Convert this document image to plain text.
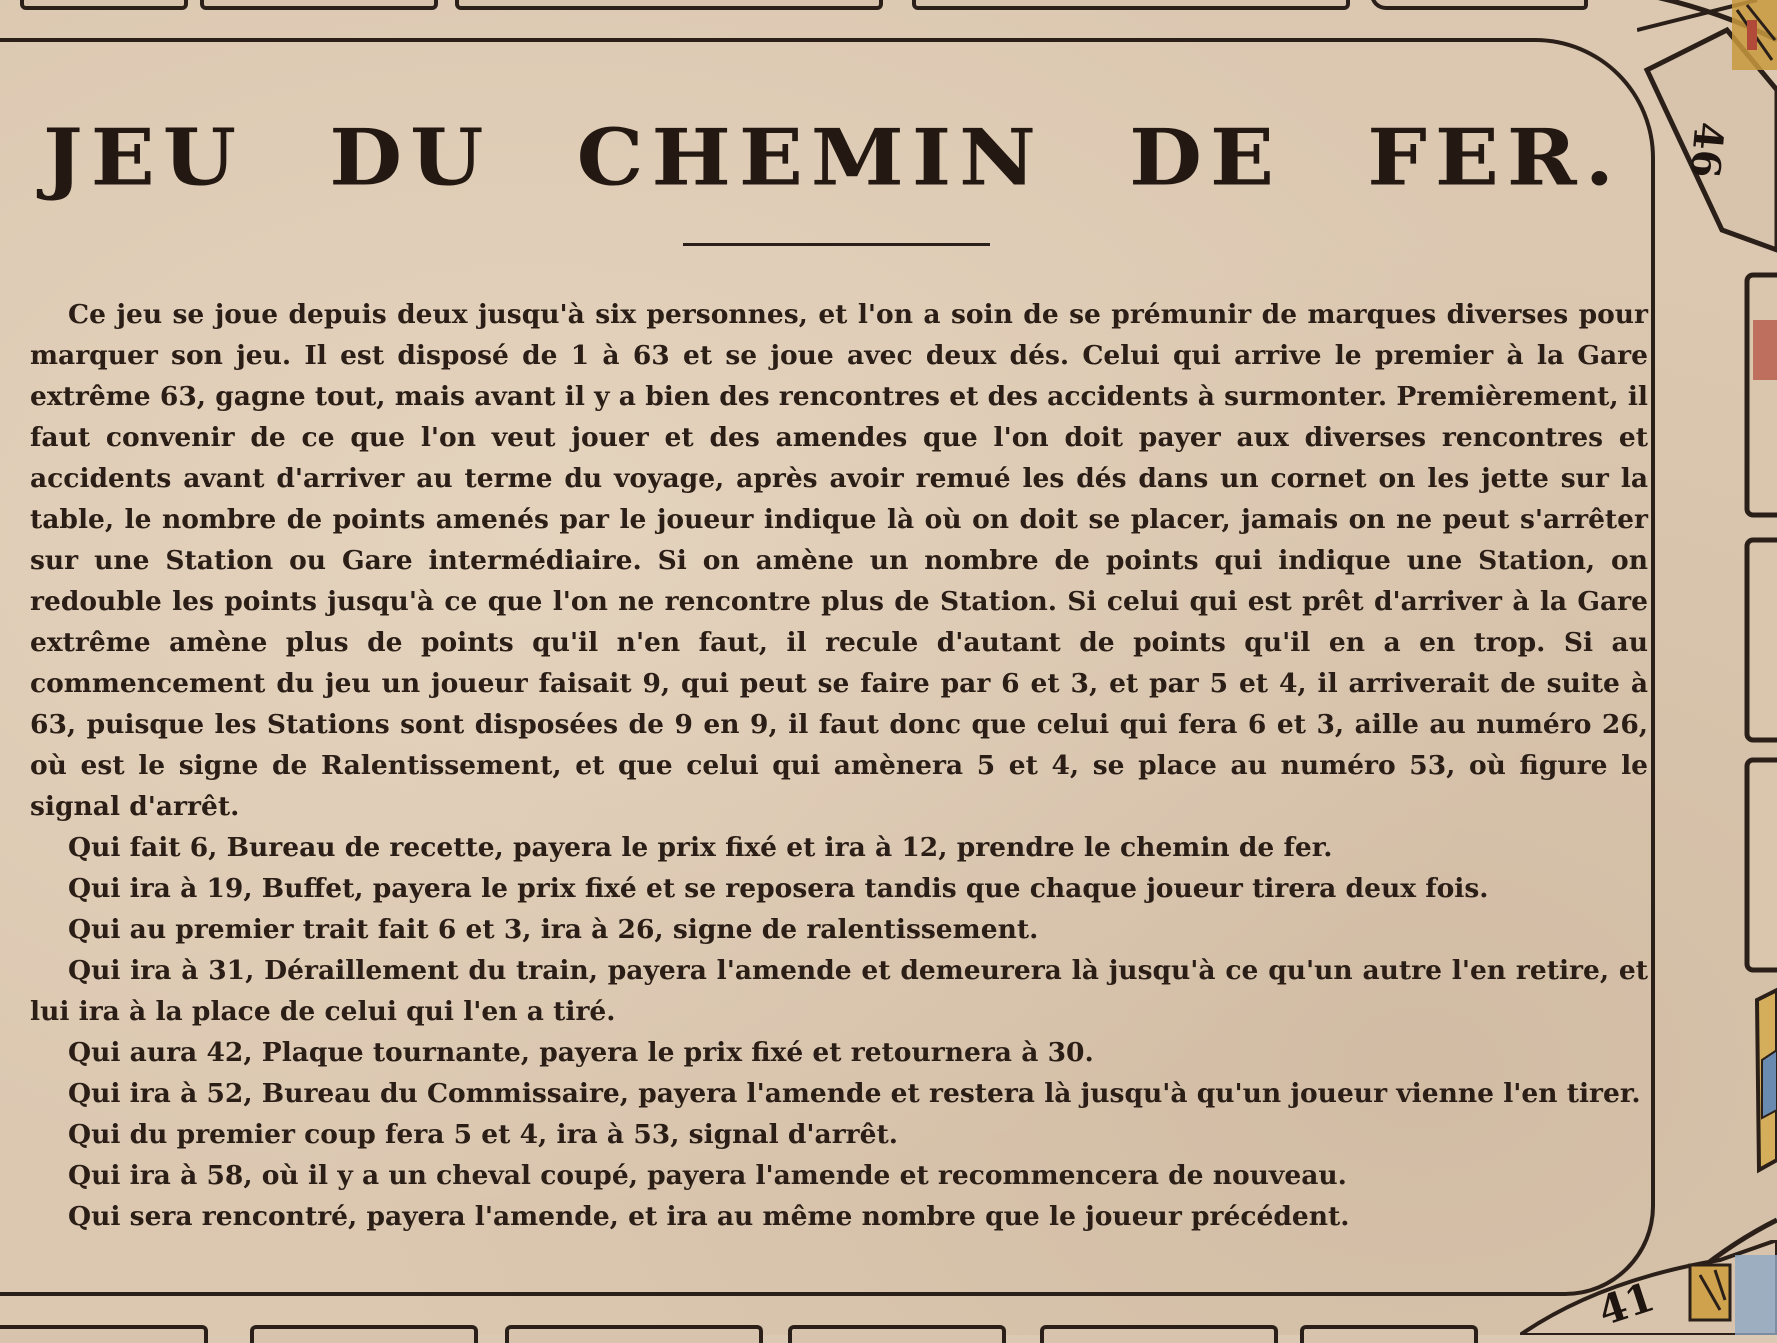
46
41
JEU DU CHEMIN DE FER.

Ce jeu se joue depuis deux jusqu'à six personnes, et l'on a soin de se prémunir de marques diverses pour marquer son jeu. Il est disposé de 1 à 63 et se joue avec deux dés. Celui qui arrive le premier à la Gare extrême 63, gagne tout, mais avant il y a bien des rencontres et des accidents à surmonter. Premièrement, il faut convenir de ce que l'on veut jouer et des amendes que l'on doit payer aux diverses rencontres et accidents avant d'arriver au terme du voyage, après avoir remué les dés dans un cornet on les jette sur la table, le nombre de points amenés par le joueur indique là où on doit se placer, jamais on ne peut s'arrêter sur une Station ou Gare intermédiaire. Si on amène un nombre de points qui indique une Station, on redouble les points jusqu'à ce que l'on ne rencontre plus de Station. Si celui qui est prêt d'arriver à la Gare extrême amène plus de points qu'il n'en faut, il recule d'autant de points qu'il en a en trop. Si au commencement du jeu un joueur faisait 9, qui peut se faire par 6 et 3, et par 5 et 4, il arriverait de suite à 63, puisque les Stations sont disposées de 9 en 9, il faut donc que celui qui fera 6 et 3, aille au numéro 26, où est le signe de Ralentissement, et que celui qui amènera 5 et 4, se place au numéro 53, où figure le signal d'arrêt.

Qui fait 6, Bureau de recette, payera le prix fixé et ira à 12, prendre le chemin de fer.

Qui ira à 19, Buffet, payera le prix fixé et se reposera tandis que chaque joueur tirera deux fois.

Qui au premier trait fait 6 et 3, ira à 26, signe de ralentissement.

Qui ira à 31, Déraillement du train, payera l'amende et demeurera là jusqu'à ce qu'un autre l'en retire, et lui ira à la place de celui qui l'en a tiré.

Qui aura 42, Plaque tournante, payera le prix fixé et retournera à 30.

Qui ira à 52, Bureau du Commissaire, payera l'amende et restera là jusqu'à qu'un joueur vienne l'en tirer.

Qui du premier coup fera 5 et 4, ira à 53, signal d'arrêt.

Qui ira à 58, où il y a un cheval coupé, payera l'amende et recommencera de nouveau.

Qui sera rencontré, payera l'amende, et ira au même nombre que le joueur précédent.
